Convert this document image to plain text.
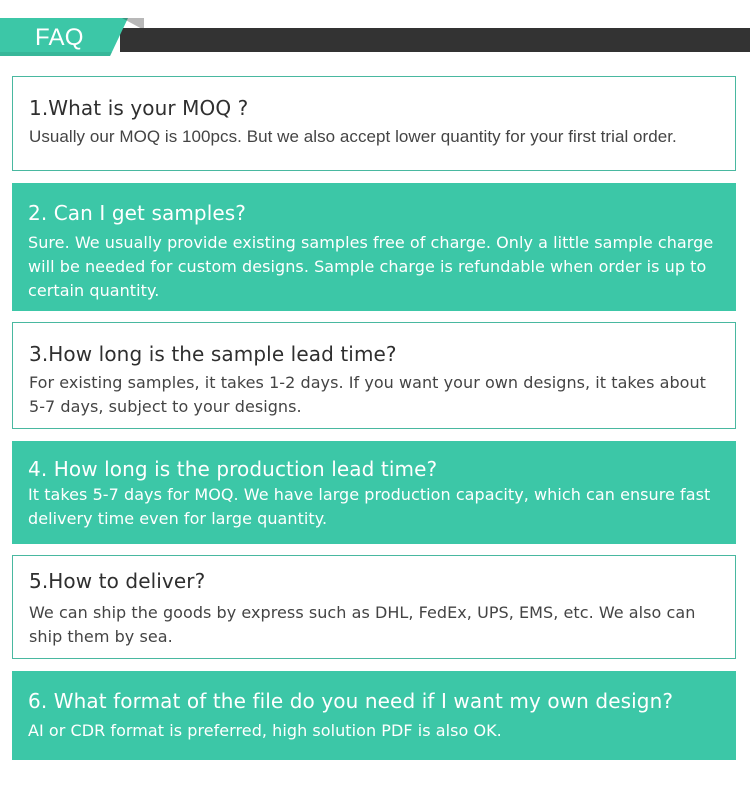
FAQ

1.What is your MOQ ?

Usually our MOQ is 100pcs. But we also accept lower quantity for your first trial order.

2. Can I get samples?

Sure. We usually provide existing samples free of charge. Only a little sample charge will be needed for custom designs. Sample charge is refundable when order is up to certain quantity.

3.How long is the sample lead time?

For existing samples, it takes 1-2 days. If you want your own designs, it takes about 5-7 days, subject to your designs.

4. How long is the production lead time?

It takes 5-7 days for MOQ. We have large production capacity, which can ensure fast delivery time even for large quantity.

5.How to deliver?

We can ship the goods by express such as DHL, FedEx, UPS, EMS, etc. We also can ship them by sea.

6. What format of the file do you need if I want my own design?

AI or CDR format is preferred, high solution PDF is also OK.
